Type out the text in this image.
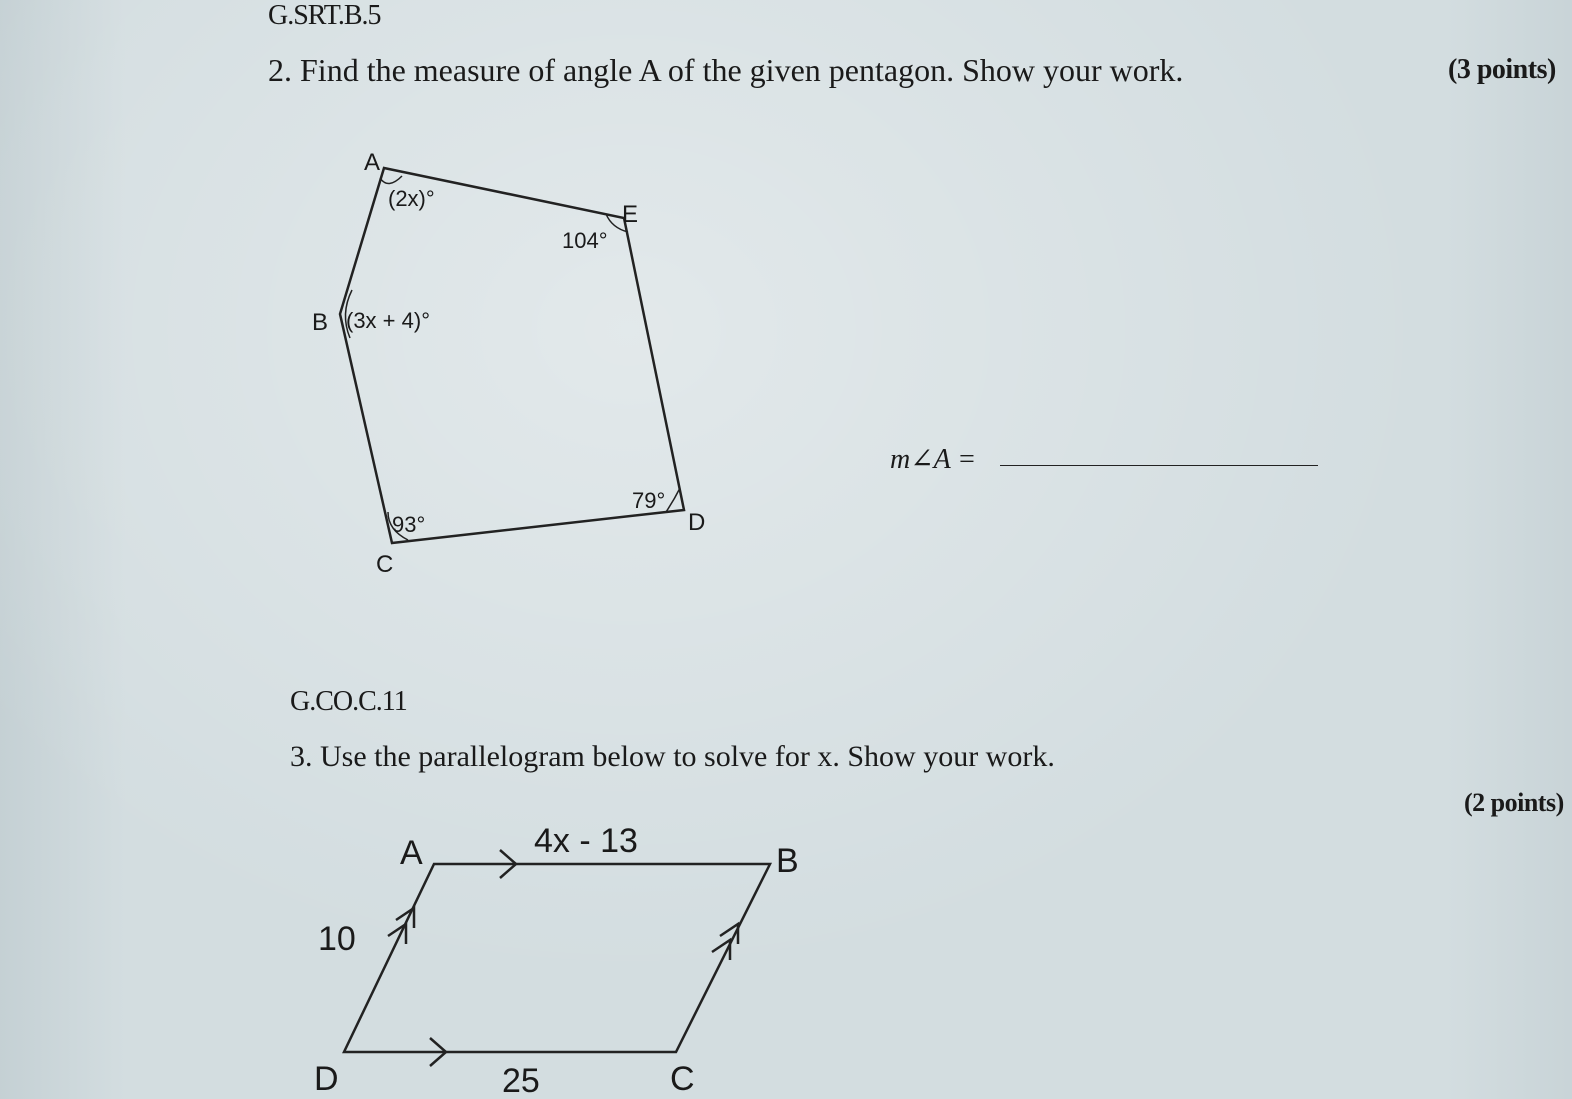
G.SRT.B.5
2. Find the measure of angle A of the given pentagon. Show your work.	(3 points)
A
B
C
D
E
(2x)°
(3x + 4)°
93°
79°
104°
A	B
C
D
4x - 13
10
25
m∠A =
G.CO.C.11
3. Use the parallelogram below to solve for x. Show your work.
(2 points)
